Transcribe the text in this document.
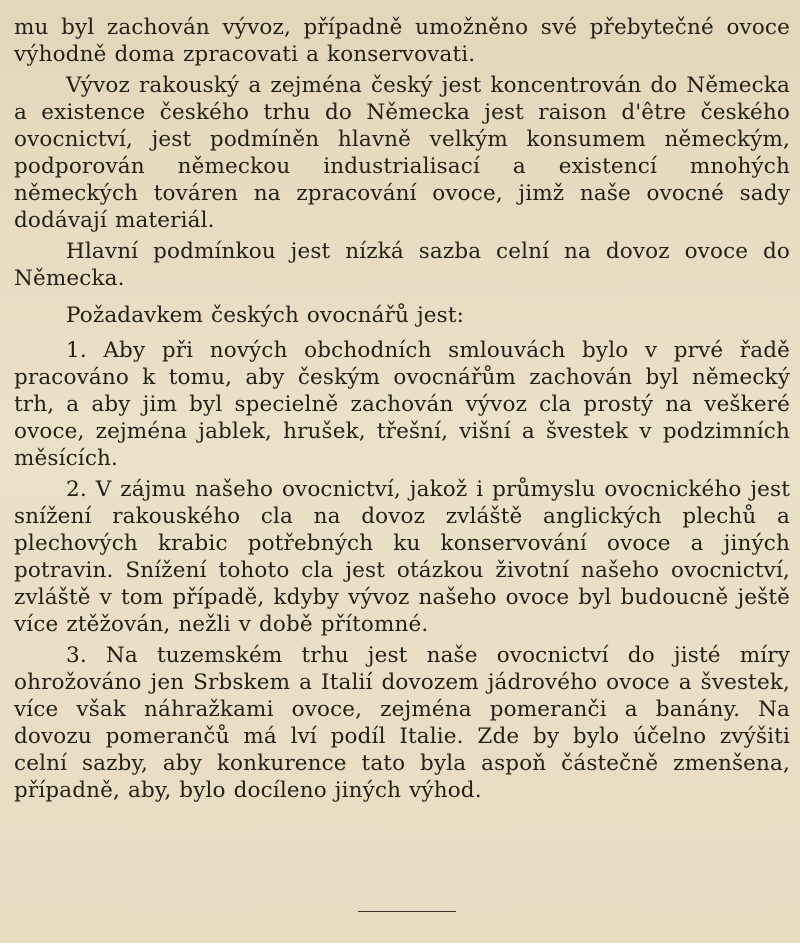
mu byl zachován vývoz, případně umožněno své přebytečné ovoce výhodně doma zpracovati a konservovati.

Vývoz rakouský a zejména český jest koncentrován do Německa a existence českého trhu do Německa jest raison d'être českého ovocnictví, jest podmíněn hlavně velkým konsumem německým, podporován německou industrialisací a existencí mnohých německých továren na zpracování ovoce, jimž naše ovocné sady dodávají materiál.

Hlavní podmínkou jest nízká sazba celní na dovoz ovoce do Německa.

Požadavkem českých ovocnářů jest:

1. Aby při nových obchodních smlouvách bylo v prvé řadě pracováno k tomu, aby českým ovocnářům zachován byl německý trh, a aby jim byl specielně zachován vývoz cla prostý na veškeré ovoce, zejména jablek, hrušek, třešní, višní a švestek v podzimních měsících.

2. V zájmu našeho ovocnictví, jakož i průmyslu ovocnického jest snížení rakouského cla na dovoz zvláště anglických plechů a plechových krabic potřebných ku konservování ovoce a jiných potravin. Snížení tohoto cla jest otázkou životní našeho ovocnictví, zvláště v tom případě, kdyby vývoz našeho ovoce byl budoucně ještě více ztěžován, nežli v době přítomné.

3. Na tuzemském trhu jest naše ovocnictví do jisté míry ohrožováno jen Srbskem a Italií dovozem jádrového ovoce a švestek, více však náhražkami ovoce, zejména pomeranči a banány. Na dovozu pomerančů má lví podíl Italie. Zde by bylo účelno zvýšiti celní sazby, aby konkurence tato byla aspoň částečně zmenšena, případně, aby, bylo docíleno jiných výhod.
